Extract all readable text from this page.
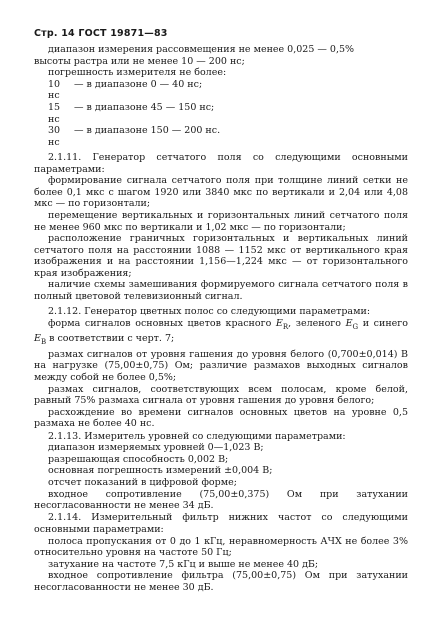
Стр. 14 ГОСТ 19871—83

диапазон измерения рассовмещения не менее 0,025 — 0,5%

высоты растра или не менее 10 — 200 нс;

погрешность измерителя не более:

10 нс
— в диапазоне 0 — 40 нс;
15 нс
— в диапазоне 45 — 150 нс;
30 нс
— в диапазоне 150 — 200 нс.

2.1.11. Генератор сетчатого поля со следующими основными параметрами:

формирование сигнала сетчатого поля при толщине линий сетки не более 0,1 мкс с шагом 1920 или 3840 мкс по вертикали и 2,04 или 4,08 мкс — по горизонтали;

перемещение вертикальных и горизонтальных линий сетчатого поля не менее 960 мкс по вертикали и 1,02 мкс — по горизонтали;

расположение граничных горизонтальных и вертикальных линий сетчатого поля на расстоянии 1088 — 1152 мкс от вертикального края изображения и на расстоянии 1,156—1,224 мкс — от горизонтального края изображения;

наличие схемы замешивания формируемого сигнала сетчатого поля в полный цветовой телевизионный сигнал.

2.1.12. Генератор цветных полос со следующими параметрами:

форма сигналов основных цветов красного $E_R$, зеленого $E_G$ и синего $E_B$ в соответствии с черт. 7;

размах сигналов от уровня гашения до уровня белого (0,700±0,014) В на нагрузке (75,00±0,75) Ом; различие размахов выходных сигналов между собой не более 0,5%;

размах сигналов, соответствующих всем полосам, кроме белой, равный 75% размаха сигнала от уровня гашения до уровня белого;

расхождение во времени сигналов основных цветов на уровне 0,5 размаха не более 40 нс.

2.1.13. Измеритель уровней со следующими параметрами:

диапазон измеряемых уровней 0—1,023 В;

разрешающая способность 0,002 В;

основная погрешность измерений ±0,004 В;

отсчет показаний в цифровой форме;

входное сопротивление (75,00±0,375) Ом при затухании несогласованности не менее 34 дБ.

2.1.14. Измерительный фильтр нижних частот со следующими основными параметрами:

полоса пропускания от 0 до 1 кГц, неравномерность АЧХ не более 3% относительно уровня на частоте 50 Гц;

затухание на частоте 7,5 кГц и выше не менее 40 дБ;

входное сопротивление фильтра (75,00±0,75) Ом при затухании несогласованности не менее 30 дБ.
